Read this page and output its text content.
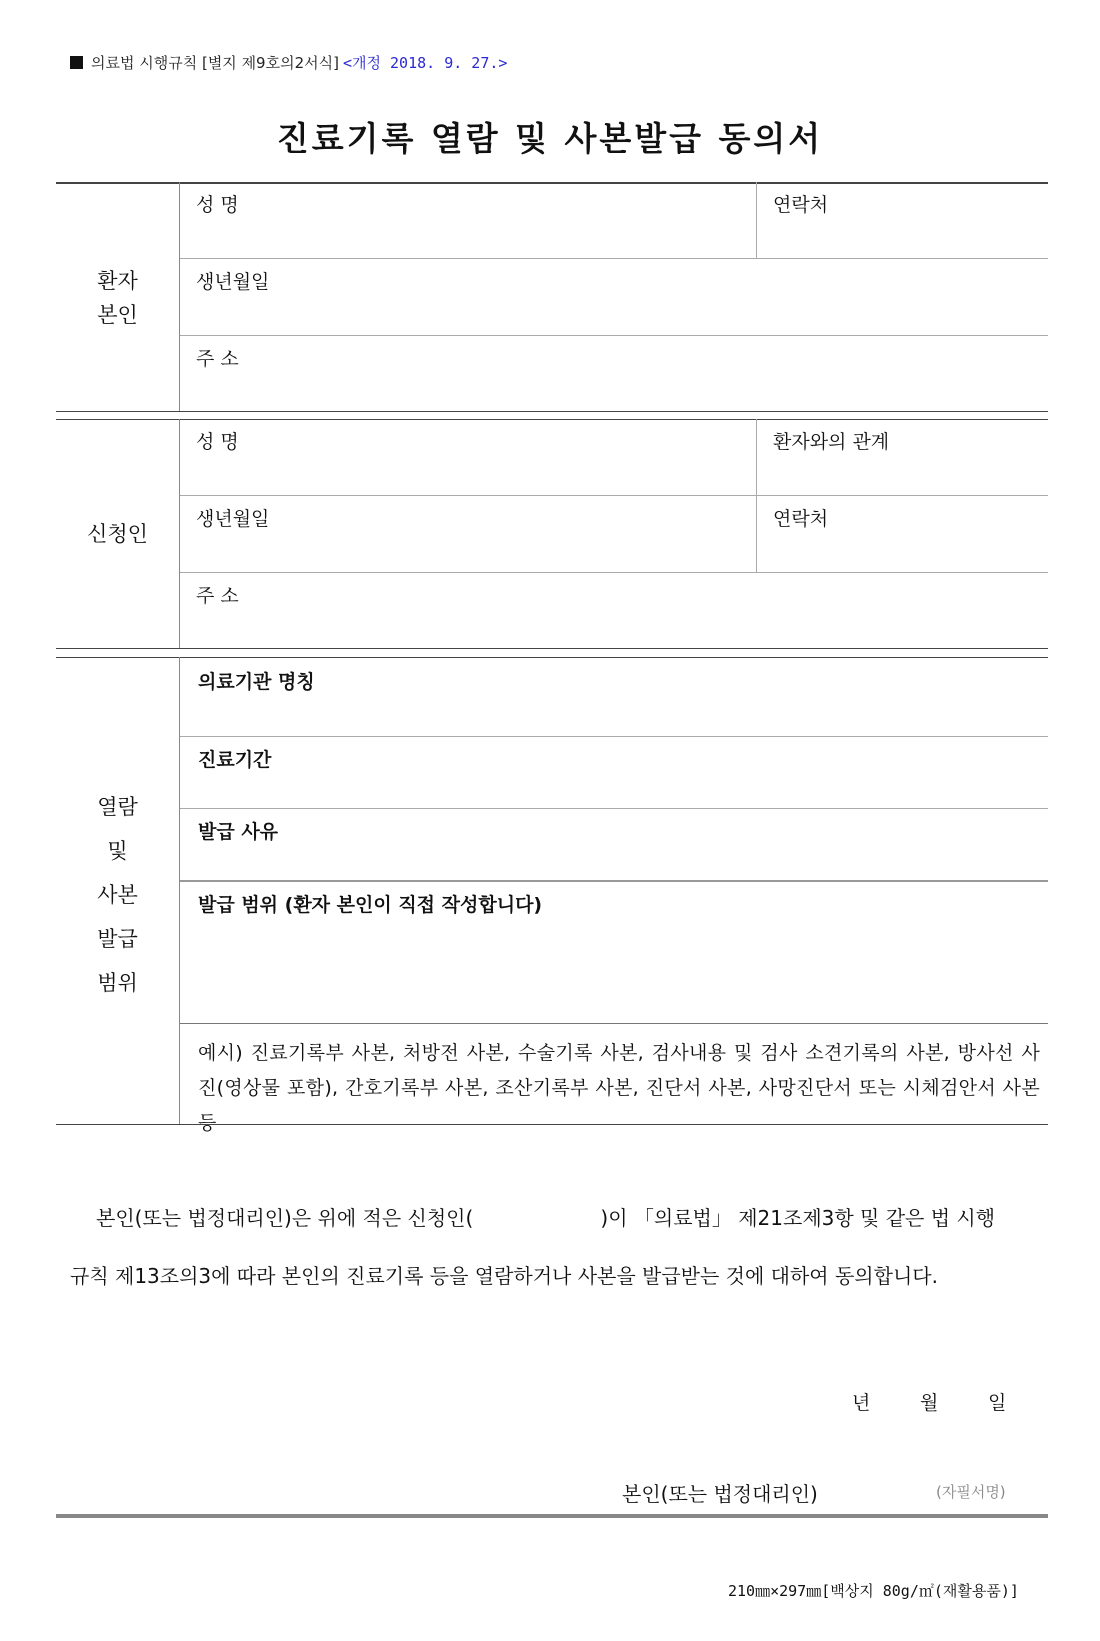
의료법 시행규칙 [별지 제9호의2서식] <개정 2018. 9. 27.>
진료기록 열람 및 사본발급 동의서
환자
본인
성 명	연락처
생년월일
주 소
신청인
성 명	환자와의 관계
생년월일	연락처
주 소
열람
및
사본
발급
범위
의료기관 명칭
진료기간
발급 사유
발급 범위 (환자 본인이 직접 작성합니다)
예시) 진료기록부 사본, 처방전 사본, 수술기록 사본, 검사내용 및 검사 소견기록의 사본, 방사선 사진(영상물 포함), 간호기록부 사본, 조산기록부 사본, 진단서 사본, 사망진단서 또는 시체검안서 사본 등
본인(또는 법정대리인)은 위에 적은 신청인(                    )이 「의료법」 제21조제3항 및 같은 법 시행
규칙 제13조의3에 따라 본인의 진료기록 등을 열람하거나 사본을 발급받는 것에 대하여 동의합니다.
년	월	일
본인(또는 법정대리인)	(자필서명)
210㎜×297㎜[백상지 80g/㎡(재활용품)]
